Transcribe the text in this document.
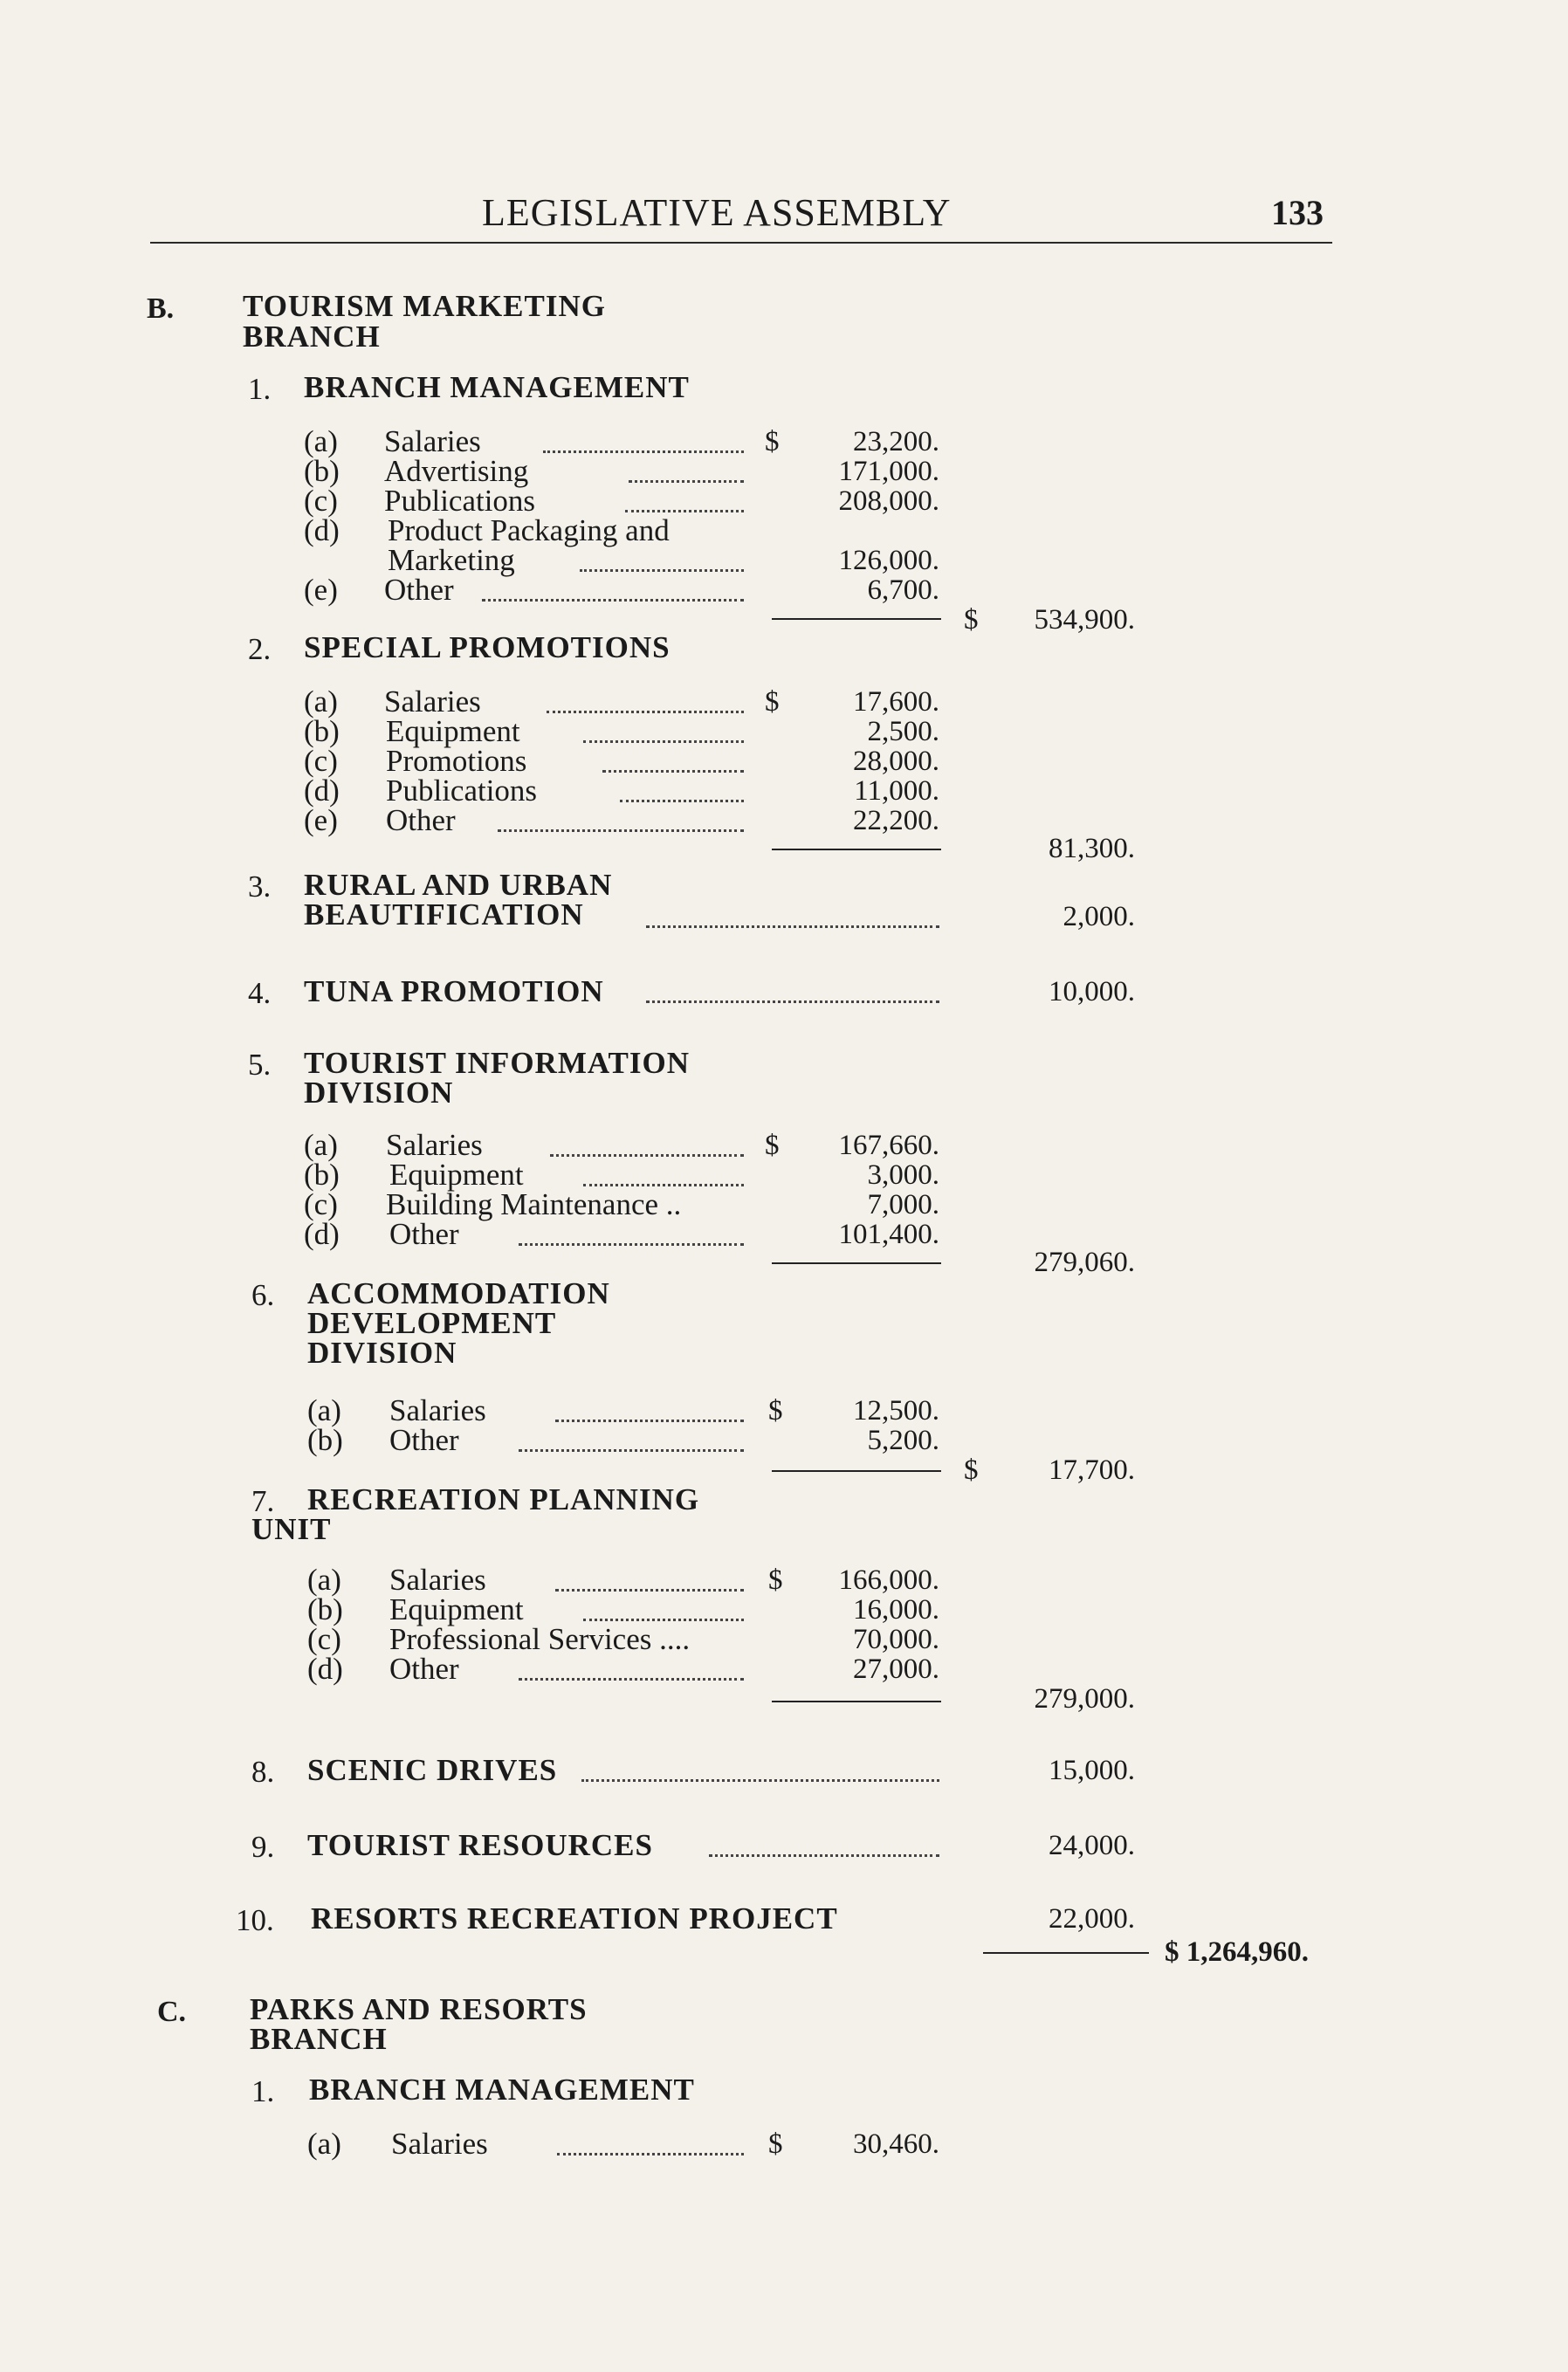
LEGISLATIVE ASSEMBLY	133
B. TOURISM MARKETING
BRANCH
1. BRANCH MANAGEMENT
(a) Salaries	$	23,200.
(b) Advertising	171,000.
(c) Publications	208,000.
(d) Product Packaging and
Marketing	126,000.
(e) Other	6,700.
$	534,900.
2. SPECIAL PROMOTIONS
(a) Salaries	$	17,600.
(b) Equipment	2,500.
(c) Promotions	28,000.
(d) Publications	11,000.
(e) Other	22,200.
81,300.
3. RURAL AND URBAN
BEAUTIFICATION	2,000.
4. TUNA PROMOTION	10,000.
5. TOURIST INFORMATION
DIVISION
(a) Salaries	$	167,660.
(b) Equipment	3,000.
(c) Building Maintenance ..	7,000.
(d) Other	101,400.
279,060.
6. ACCOMMODATION
DEVELOPMENT
DIVISION
(a) Salaries	$	12,500.
(b) Other	5,200.
$	17,700.
7. RECREATION PLANNING
UNIT
(a) Salaries	$	166,000.
(b) Equipment	16,000.
(c) Professional Services ....	70,000.
(d) Other	27,000.
279,000.
8. SCENIC DRIVES	15,000.
9. TOURIST RESOURCES	24,000.
10. RESORTS RECREATION PROJECT	22,000.
$ 1,264,960.
C. PARKS AND RESORTS
BRANCH
1. BRANCH MANAGEMENT
(a) Salaries	$	30,460.
